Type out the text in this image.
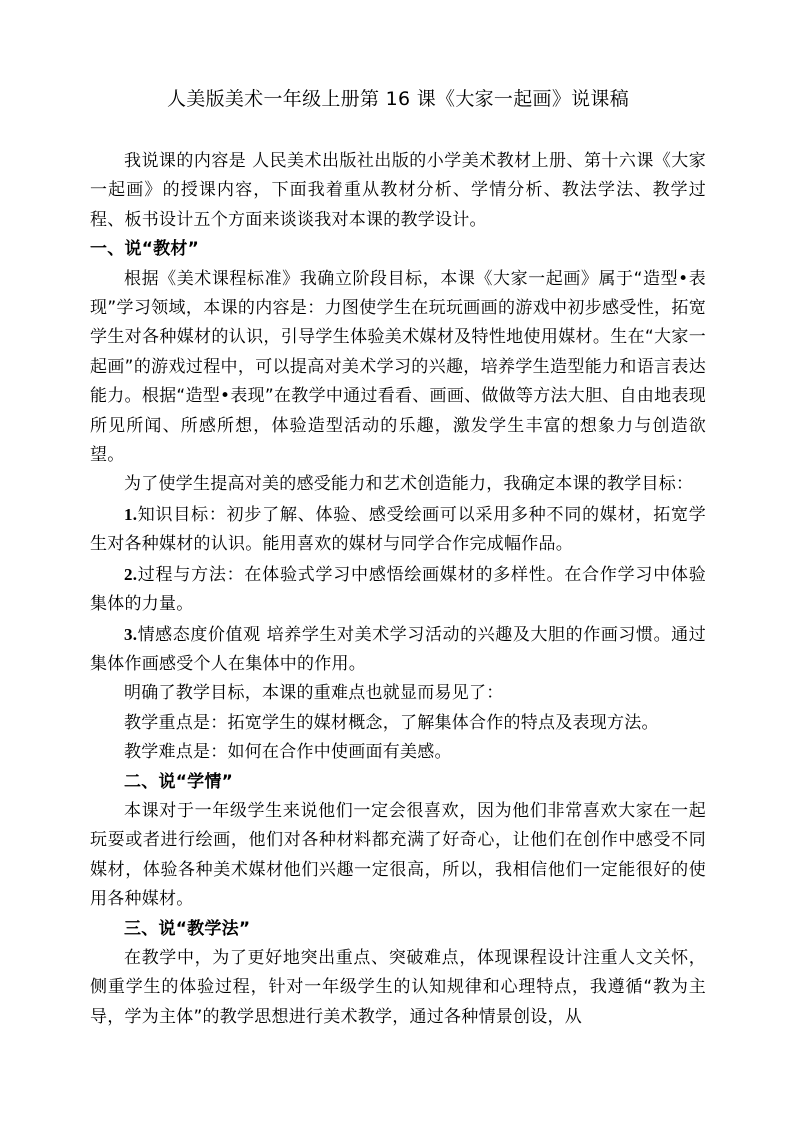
人美版美术一年级上册第 16 课《大家一起画》说课稿

我说课的内容是 人民美术出版社出版的小学美术教材上册、第十六课《大家一起画》的授课内容，下面我着重从教材分析、学情分析、教法学法、教学过程、板书设计五个方面来谈谈我对本课的教学设计。

一、说“教材”

根据《美术课程标准》我确立阶段目标，本课《大家一起画》属于“造型•表现”学习领域，本课的内容是：力图使学生在玩玩画画的游戏中初步感受性，拓宽学生对各种媒材的认识，引导学生体验美术媒材及特性地使用媒材。生在“大家一起画”的游戏过程中，可以提高对美术学习的兴趣，培养学生造型能力和语言表达能力。根据“造型•表现”在教学中通过看看、画画、做做等方法大胆、自由地表现所见所闻、所感所想，体验造型活动的乐趣，激发学生丰富的想象力与创造欲望。

为了使学生提高对美的感受能力和艺术创造能力，我确定本课的教学目标：

1.知识目标：初步了解、体验、感受绘画可以采用多种不同的媒材，拓宽学生对各种媒材的认识。能用喜欢的媒材与同学合作完成幅作品。

2.过程与方法：在体验式学习中感悟绘画媒材的多样性。在合作学习中体验集体的力量。

3.情感态度价值观 培养学生对美术学习活动的兴趣及大胆的作画习惯。通过集体作画感受个人在集体中的作用。

明确了教学目标，本课的重难点也就显而易见了：

教学重点是：拓宽学生的媒材概念，了解集体合作的特点及表现方法。

教学难点是：如何在合作中使画面有美感。

二、说“学情”

本课对于一年级学生来说他们一定会很喜欢，因为他们非常喜欢大家在一起玩耍或者进行绘画，他们对各种材料都充满了好奇心，让他们在创作中感受不同媒材，体验各种美术媒材他们兴趣一定很高，所以，我相信他们一定能很好的使用各种媒材。

三、说“教学法”

在教学中，为了更好地突出重点、突破难点，体现课程设计注重人文关怀，侧重学生的体验过程，针对一年级学生的认知规律和心理特点，我遵循“教为主导，学为主体”的教学思想进行美术教学，通过各种情景创设，从
